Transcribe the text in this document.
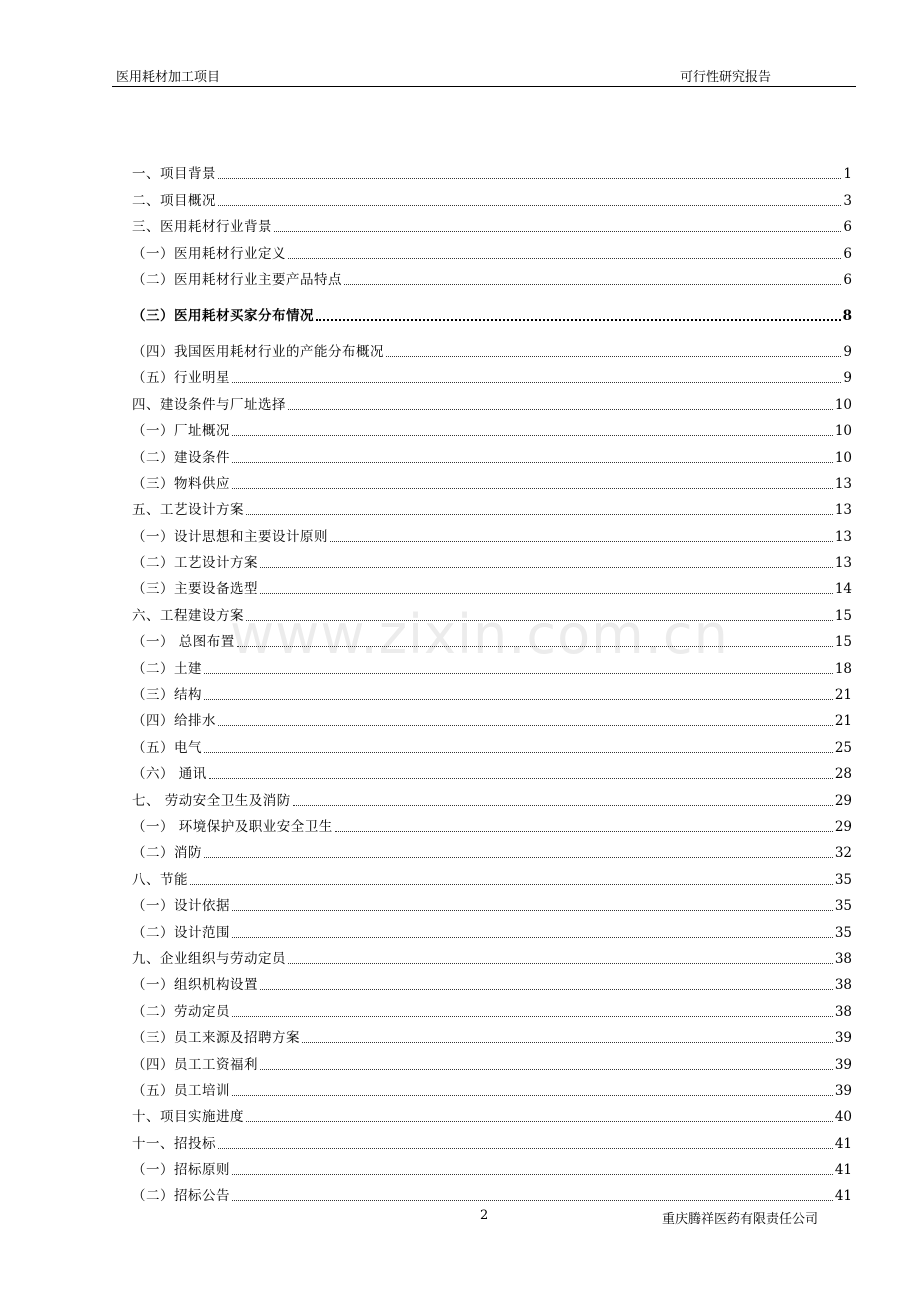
医用耗材加工项目	可行性研究报告
www.zixin.com.cn
一、项目背景	1
二、项目概况	3
三、医用耗材行业背景	6
（一）医用耗材行业定义	6
（二）医用耗材行业主要产品特点	6
（三）医用耗材买家分布情况	8
（四）我国医用耗材行业的产能分布概况	9
（五）行业明星	9
四、建设条件与厂址选择	10
（一）厂址概况	10
（二）建设条件	10
（三）物料供应	13
五、工艺设计方案	13
（一）设计思想和主要设计原则	13
（二）工艺设计方案	13
（三）主要设备选型	14
六、工程建设方案	15
（一） 总图布置	15
（二）土建	18
（三）结构	21
（四）给排水	21
（五）电气	25
（六） 通讯	28
七、 劳动安全卫生及消防	29
（一） 环境保护及职业安全卫生	29
（二）消防	32
八、节能	35
（一）设计依据	35
（二）设计范围	35
九、企业组织与劳动定员	38
（一）组织机构设置	38
（二）劳动定员	38
（三）员工来源及招聘方案	39
（四）员工工资福利	39
（五）员工培训	39
十、项目实施进度	40
十一、招投标	41
（一）招标原则	41
（二）招标公告	41
2	重庆腾祥医药有限责任公司
